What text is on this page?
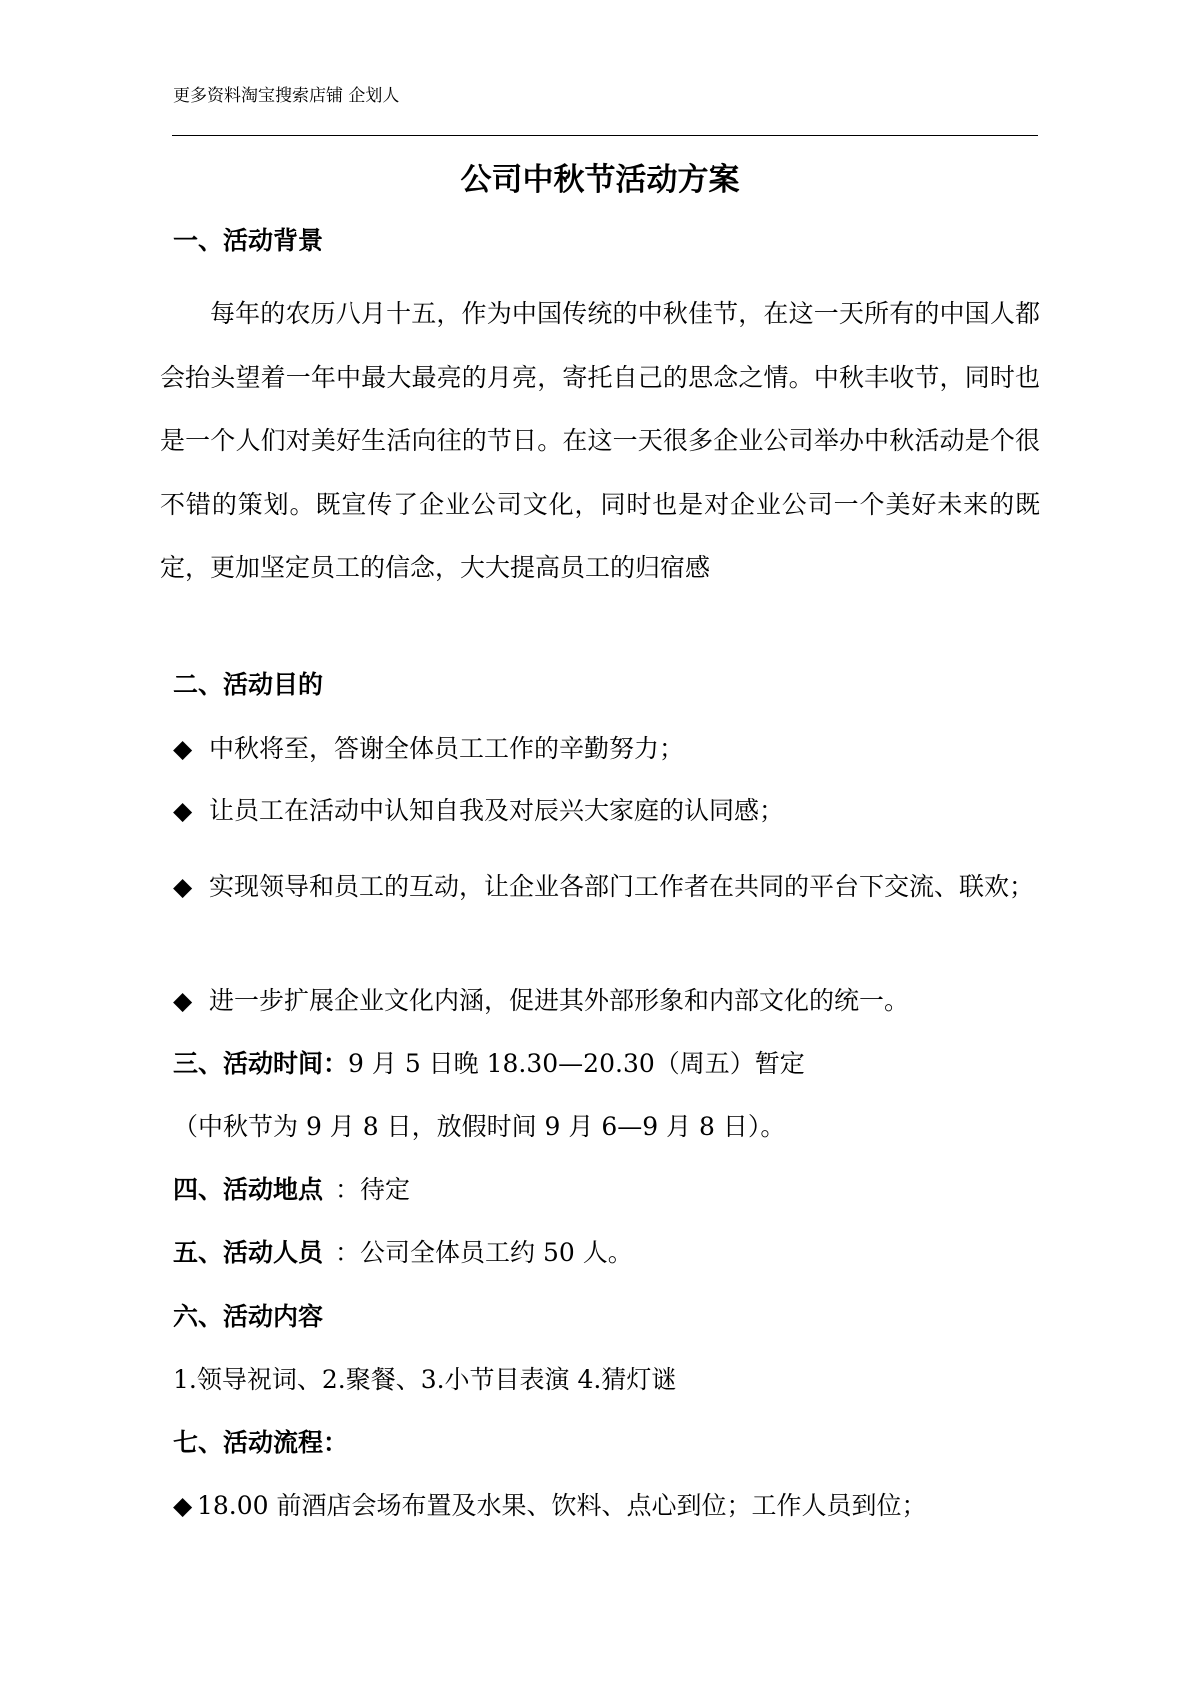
更多资料淘宝搜索店铺 企划人
公司中秋节活动方案
一、活动背景
每年的农历八月十五，作为中国传统的中秋佳节，在这一天所有的中国人都会抬头望着一年中最大最亮的月亮，寄托自己的思念之情。中秋丰收节，同时也是一个人们对美好生活向往的节日。在这一天很多企业公司举办中秋活动是个很不错的策划。既宣传了企业公司文化，同时也是对企业公司一个美好未来的既定，更加坚定员工的信念，大大提高员工的归宿感
二、活动目的
◆ 中秋将至，答谢全体员工工作的辛勤努力；
◆ 让员工在活动中认知自我及对辰兴大家庭的认同感；
◆ 实现领导和员工的互动，让企业各部门工作者在共同的平台下交流、联欢；
◆ 进一步扩展企业文化内涵，促进其外部形象和内部文化的统一。
三、活动时间：9 月 5 日晚 18.30—20.30（周五）暂定
（中秋节为 9 月 8 日，放假时间 9 月 6—9 月 8 日）。
四、活动地点 ：待定
五、活动人员 ：公司全体员工约 50 人。
六、活动内容
1.领导祝词、2.聚餐、3.小节目表演 4.猜灯谜
七、活动流程：
◆ 18.00 前酒店会场布置及水果、饮料、点心到位；工作人员到位；
